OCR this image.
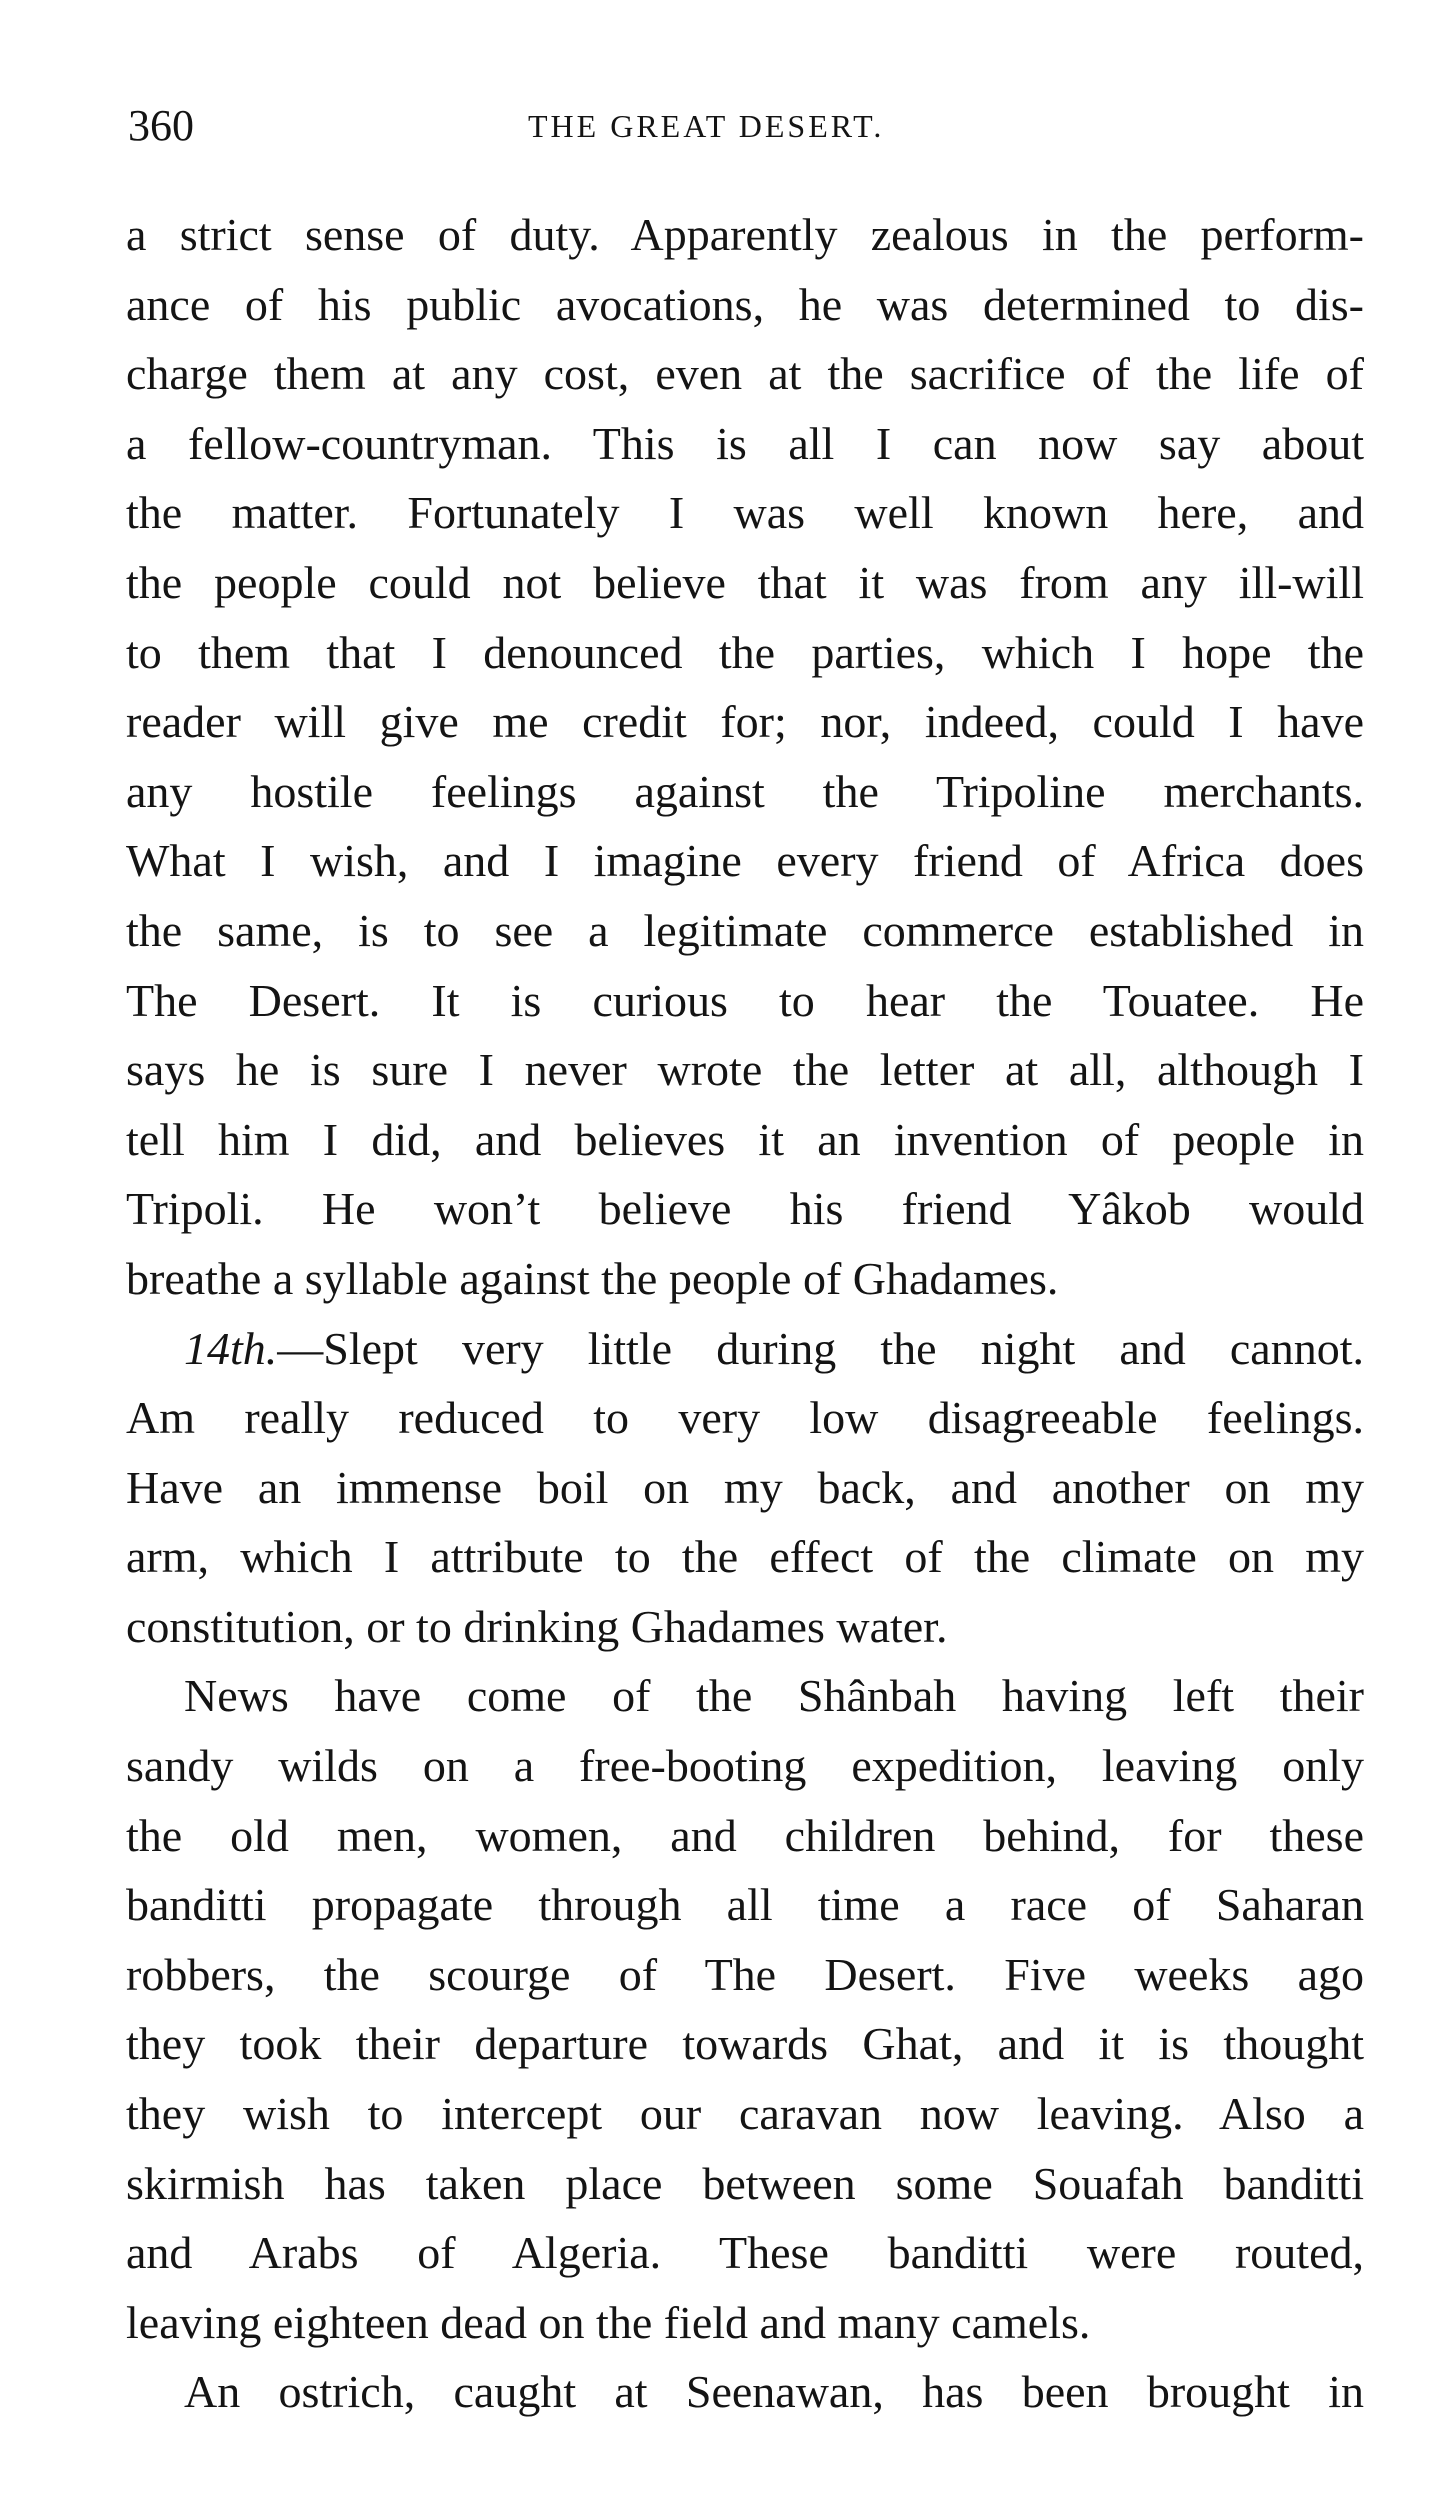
360	THE GREAT DESERT.
a strict sense of duty. Apparently zealous in the perform-
ance of his public avocations, he was determined to dis-
charge them at any cost, even at the sacrifice of the life of
a fellow-countryman. This is all I can now say about
the matter. Fortunately I was well known here, and
the people could not believe that it was from any ill-will
to them that I denounced the parties, which I hope the
reader will give me credit for; nor, indeed, could I have
any hostile feelings against the Tripoline merchants.
What I wish, and I imagine every friend of Africa does
the same, is to see a legitimate commerce established in
The Desert. It is curious to hear the Touatee. He
says he is sure I never wrote the letter at all, although I
tell him I did, and believes it an invention of people in
Tripoli. He won’t believe his friend Yâkob would
breathe a syllable against the people of Ghadames.
14th.—Slept very little during the night and cannot.
Am really reduced to very low disagreeable feelings.
Have an immense boil on my back, and another on my
arm, which I attribute to the effect of the climate on my
constitution, or to drinking Ghadames water.
News have come of the Shânbah having left their
sandy wilds on a free-booting expedition, leaving only
the old men, women, and children behind, for these
banditti propagate through all time a race of Saharan
robbers, the scourge of The Desert. Five weeks ago
they took their departure towards Ghat, and it is thought
they wish to intercept our caravan now leaving. Also a
skirmish has taken place between some Souafah banditti
and Arabs of Algeria. These banditti were routed,
leaving eighteen dead on the field and many camels.
An ostrich, caught at Seenawan, has been brought in
